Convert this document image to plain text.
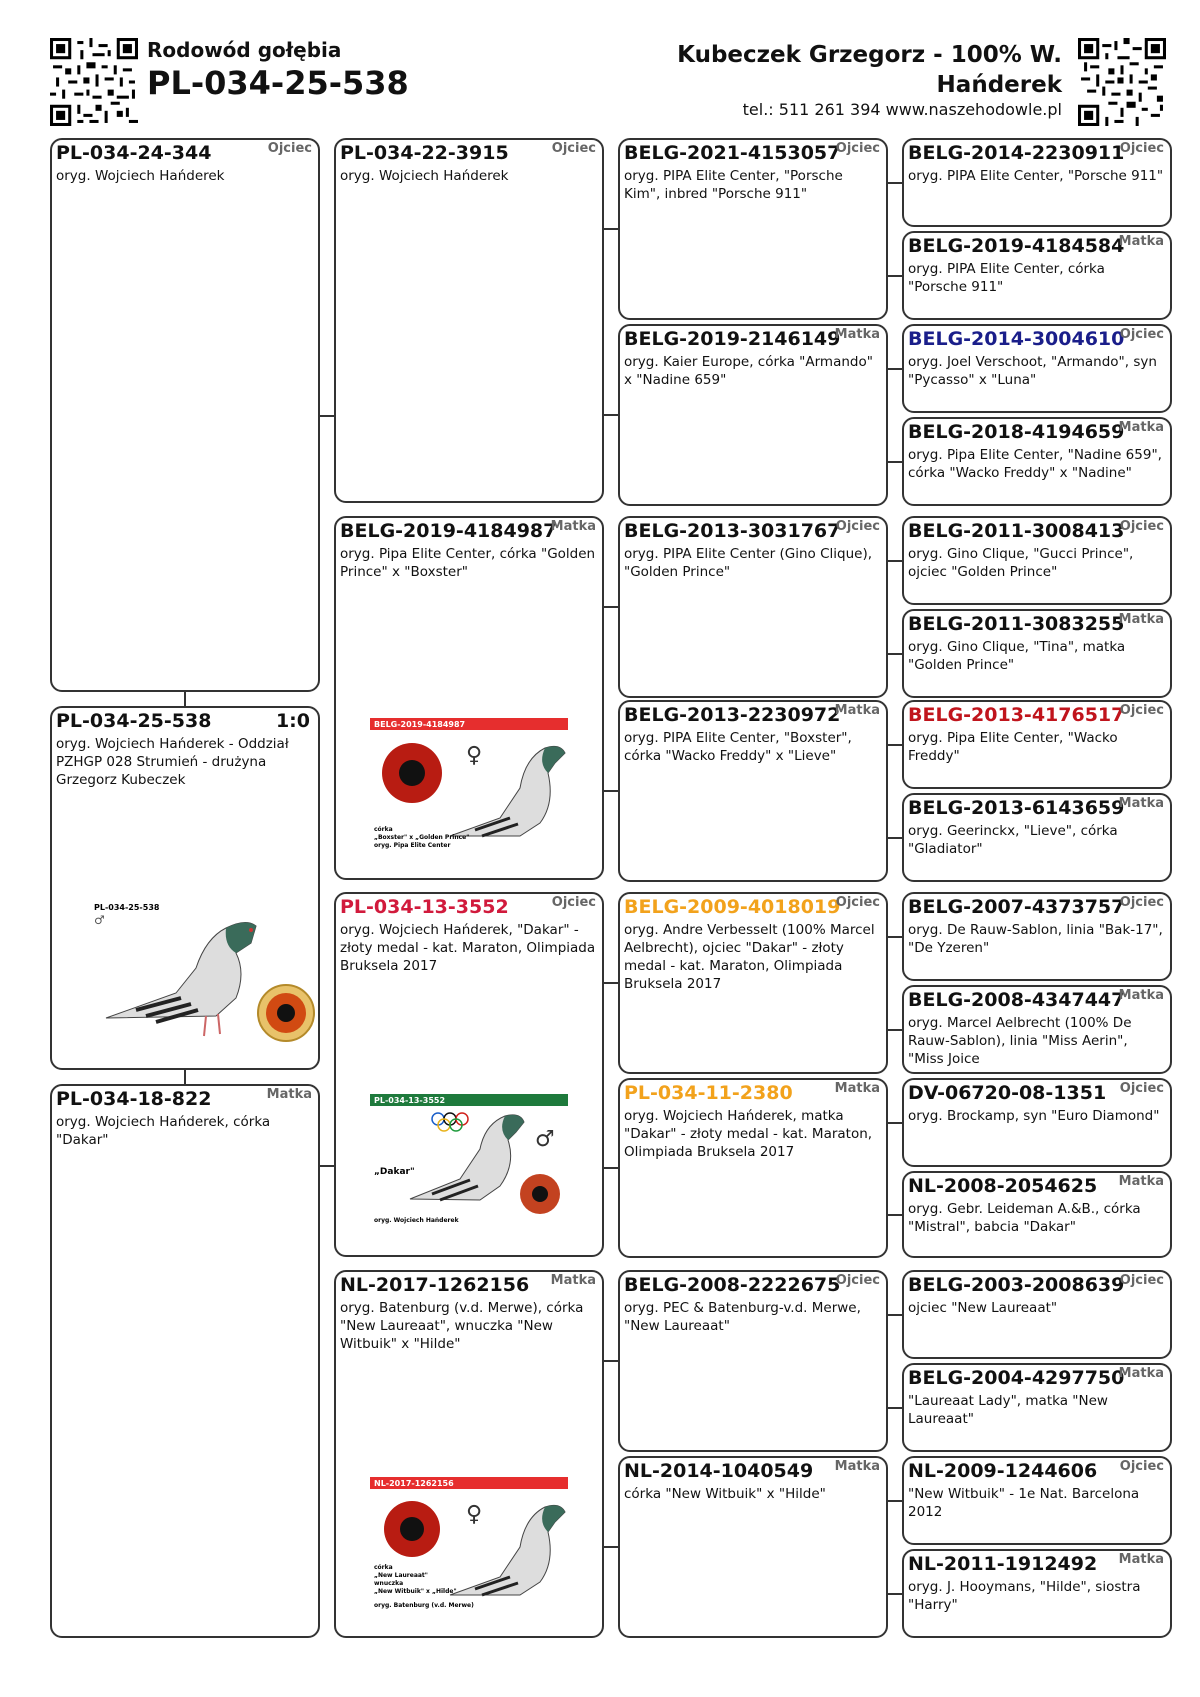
Rodowód gołębia
PL-034-25-538
Kubeczek Grzegorz - 100% W. Hańderek
tel.: 511 261 394 www.naszehodowle.pl
PL-034-24-344	Ojciec
oryg. Wojciech Hańderek
PL-034-25-538	1:0
oryg. Wojciech Hańderek - Oddział PZHGP 028 Strumień - drużyna Grzegorz Kubeczek
PL-034-25-538
♂
PL-034-18-822	Matka
oryg. Wojciech Hańderek, córka "Dakar"
PL-034-22-3915	Ojciec
oryg. Wojciech Hańderek
BELG-2019-4184987
Matka
oryg. Pipa Elite Center, córka "Golden Prince" x "Boxster"
BELG-2019-4184987
♀
córka
„Boxster" x „Golden Prince"
oryg. Pipa Elite Center
PL-034-13-3552	Ojciec
oryg. Wojciech Hańderek, "Dakar" - złoty medal - kat. Maraton, Olimpiada Bruksela 2017
PL-034-13-3552
♂
„Dakar"
oryg. Wojciech Hańderek
NL-2017-1262156 Matka
oryg. Batenburg (v.d. Merwe), córka "New Laureaat", wnuczka "New Witbuik" x "Hilde"
NL-2017-1262156
♀
córka
„New Laureaat"
wnuczka
„New Witbuik" x „Hilde"
oryg. Batenburg (v.d. Merwe)
BELG-2021-4153057
Ojciec
oryg. PIPA Elite Center, "Porsche Kim", inbred "Porsche 911"
BELG-2019-2146149
Matka
oryg. Kaier Europe, córka "Armando" x "Nadine 659"
BELG-2013-3031767
Ojciec
oryg. PIPA Elite Center (Gino Clique), "Golden Prince"
BELG-2013-2230972
Matka
oryg. PIPA Elite Center, "Boxster", córka "Wacko Freddy" x "Lieve"
BELG-2009-4018019
Ojciec
oryg. Andre Verbesselt (100% Marcel Aelbrecht), ojciec "Dakar" - złoty medal - kat. Maraton, Olimpiada Bruksela 2017
PL-034-11-2380	Matka
oryg. Wojciech Hańderek, matka "Dakar" - złoty medal - kat. Maraton, Olimpiada Bruksela 2017
BELG-2008-2222675
Ojciec
oryg. PEC & Batenburg-v.d. Merwe, "New Laureaat"
NL-2014-1040549 Matka
córka "New Witbuik" x "Hilde"
BELG-2014-2230911
Ojciec
oryg. PIPA Elite Center, "Porsche 911"
BELG-2019-4184584
Matka
oryg. PIPA Elite Center, córka "Porsche 911"
BELG-2014-3004610
Ojciec
oryg. Joel Verschoot, "Armando", syn "Pycasso" x "Luna"
BELG-2018-4194659
Matka
oryg. Pipa Elite Center, "Nadine 659", córka "Wacko Freddy" x "Nadine"
BELG-2011-3008413
Ojciec
oryg. Gino Clique, "Gucci Prince", ojciec "Golden Prince"
BELG-2011-3083255
Matka
oryg. Gino Clique, "Tina", matka "Golden Prince"
BELG-2013-4176517
Ojciec
oryg. Pipa Elite Center, "Wacko Freddy"
BELG-2013-6143659
Matka
oryg. Geerinckx, "Lieve", córka "Gladiator"
BELG-2007-4373757
Ojciec
oryg. De Rauw-Sablon, linia "Bak-17", "De Yzeren"
BELG-2008-4347447
Matka
oryg. Marcel Aelbrecht (100% De Rauw-Sablon), linia "Miss Aerin", "Miss Joice
DV-06720-08-1351 Ojciec
oryg. Brockamp, syn "Euro Diamond"
NL-2008-2054625 Matka
oryg. Gebr. Leideman A.&B., córka "Mistral", babcia "Dakar"
BELG-2003-2008639
Ojciec
ojciec "New Laureaat"
BELG-2004-4297750
Matka
"Laureaat Lady", matka "New Laureaat"
NL-2009-1244606 Ojciec
"New Witbuik" - 1e Nat. Barcelona 2012
NL-2011-1912492 Matka
oryg. J. Hooymans, "Hilde", siostra "Harry"
